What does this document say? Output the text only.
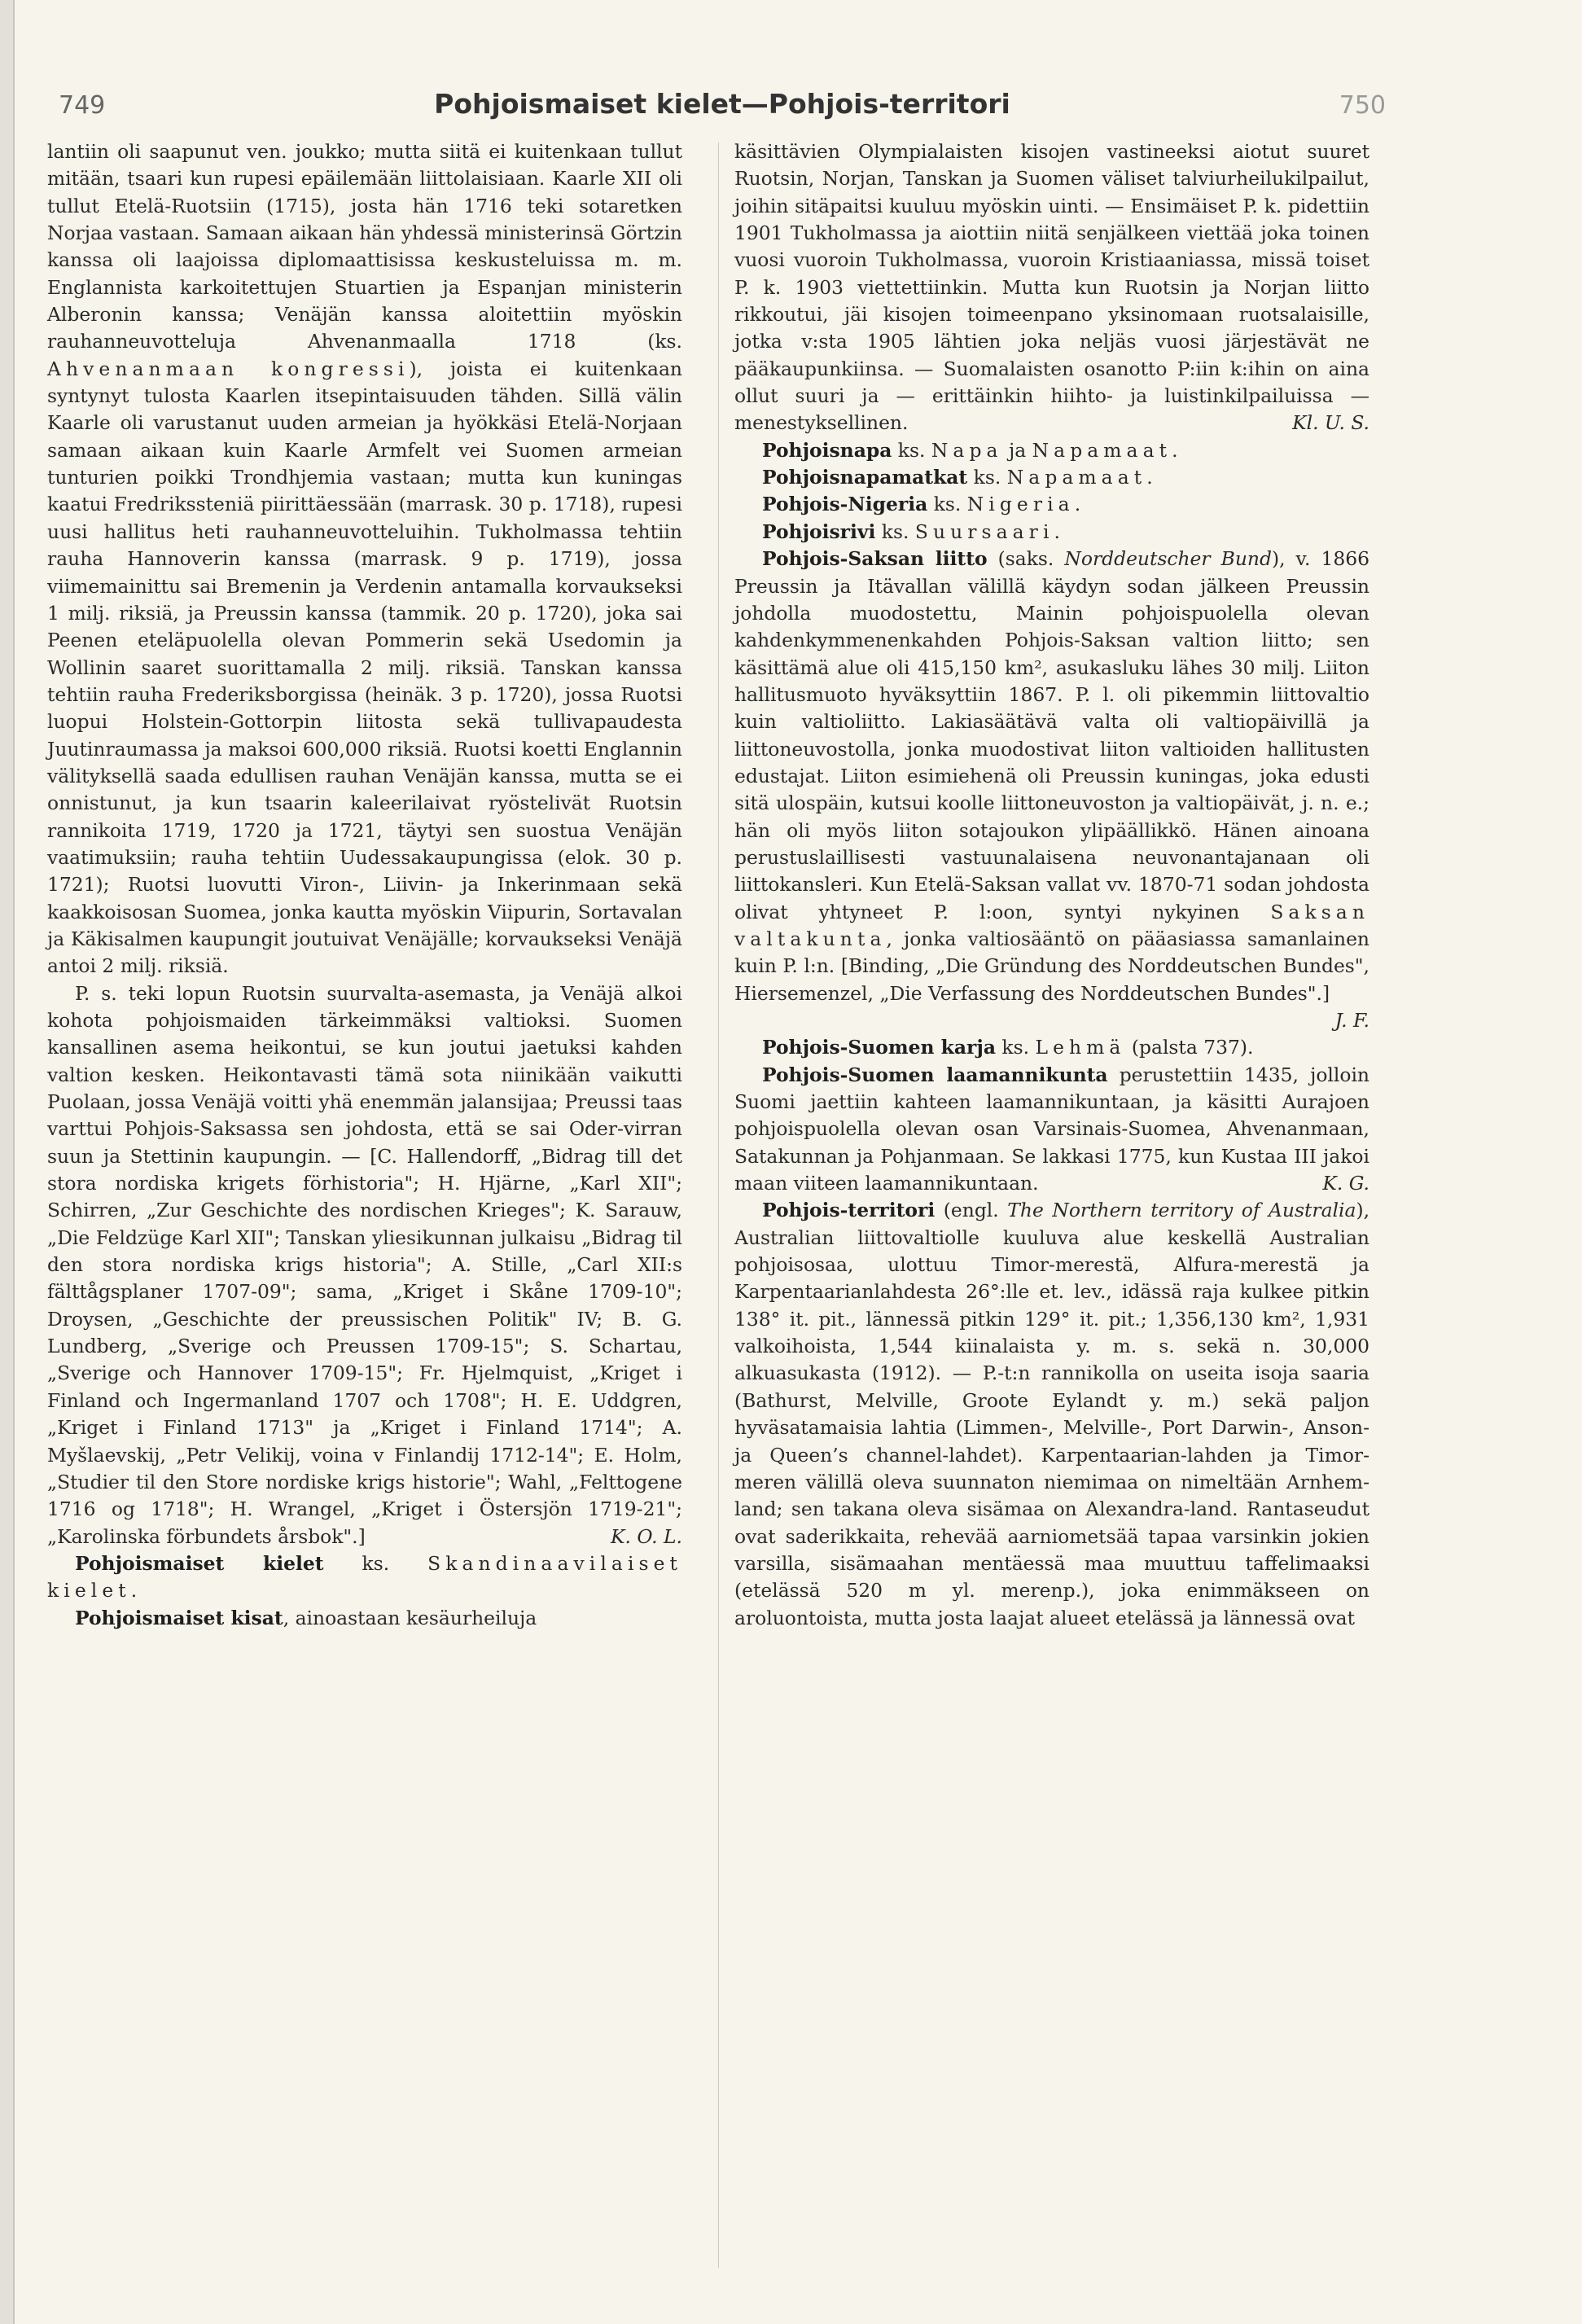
749	Pohjoismaiset kielet—Pohjois-territori	750
lantiin oli saapunut ven. joukko; mutta siitä ei kuitenkaan tullut mitään, tsaari kun rupesi epäilemään liittolaisiaan. Kaarle XII oli tullut Etelä-Ruotsiin (1715), josta hän 1716 teki sotaretken Norjaa vastaan. Samaan aikaan hän yhdessä ministerinsä Görtzin kanssa oli laajoissa diplomaattisissa keskusteluissa m. m. Englannista karkoitettujen Stuartien ja Espanjan ministerin Alberonin kanssa; Venäjän kanssa aloitettiin myöskin rauhanneuvotteluja Ahvenanmaalla 1718 (ks. Ahvenanmaan kongressi), joista ei kuitenkaan syntynyt tulosta Kaarlen itsepintaisuuden tähden. Sillä välin Kaarle oli varustanut uuden armeian ja hyökkäsi Etelä-Norjaan samaan aikaan kuin Kaarle Armfelt vei Suomen armeian tunturien poikki Trondhjemia vastaan; mutta kun kuningas kaatui Fredrikssteniä piirittäessään (marrask. 30 p. 1718), rupesi uusi hallitus heti rauhanneuvotteluihin. Tukholmassa tehtiin rauha Hannoverin kanssa (marrask. 9 p. 1719), jossa viimemainittu sai Bremenin ja Verdenin antamalla korvaukseksi 1 milj. riksiä, ja Preussin kanssa (tammik. 20 p. 1720), joka sai Peenen eteläpuolella olevan Pommerin sekä Usedomin ja Wollinin saaret suorittamalla 2 milj. riksiä. Tanskan kanssa tehtiin rauha Frederiksborgissa (heinäk. 3 p. 1720), jossa Ruotsi luopui Holstein-Gottorpin liitosta sekä tullivapaudesta Juutinraumassa ja maksoi 600,000 riksiä. Ruotsi koetti Englannin välityksellä saada edullisen rauhan Venäjän kanssa, mutta se ei onnistunut, ja kun tsaarin kaleerilaivat ryöstelivät Ruotsin rannikoita 1719, 1720 ja 1721, täytyi sen suostua Venäjän vaatimuksiin; rauha tehtiin Uudessakaupungissa (elok. 30 p. 1721); Ruotsi luovutti Viron-, Liivin- ja Inkerinmaan sekä kaakkoisosan Suomea, jonka kautta myöskin Viipurin, Sortavalan ja Käkisalmen kaupungit joutuivat Venäjälle; korvaukseksi Venäjä antoi 2 milj. riksiä.
P. s. teki lopun Ruotsin suurvalta-asemasta, ja Venäjä alkoi kohota pohjoismaiden tärkeimmäksi valtioksi. Suomen kansallinen asema heikontui, se kun joutui jaetuksi kahden valtion kesken. Heikontavasti tämä sota niinikään vaikutti Puolaan, jossa Venäjä voitti yhä enemmän jalansijaa; Preussi taas varttui Pohjois-Saksassa sen johdosta, että se sai Oder-virran suun ja Stettinin kaupungin. — [C. Hallendorff, „Bidrag till det stora nordiska krigets förhistoria"; H. Hjärne, „Karl XII"; Schirren, „Zur Geschichte des nordischen Krieges"; K. Sarauw, „Die Feldzüge Karl XII"; Tanskan yliesikunnan julkaisu „Bidrag til den stora nordiska krigs historia"; A. Stille, „Carl XII:s fälttågsplaner 1707-09"; sama, „Kriget i Skåne 1709-10"; Droysen, „Geschichte der preussischen Politik" IV; B. G. Lundberg, „Sverige och Preussen 1709-15"; S. Schartau, „Sverige och Hannover 1709-15"; Fr. Hjelmquist, „Kriget i Finland och Ingermanland 1707 och 1708"; H. E. Uddgren, „Kriget i Finland 1713" ja „Kriget i Finland 1714"; A. Myšlaevskij, „Petr Velikij, voina v Finlandij 1712-14"; E. Holm, „Studier til den Store nordiske krigs historie"; Wahl, „Felttogene 1716 og 1718"; H. Wrangel, „Kriget i Östersjön 1719-21"; „Karolinska förbundets årsbok".]	K. O. L.
Pohjoismaiset kielet ks. Skandinaavilaiset kielet.
Pohjoismaiset kisat, ainoastaan kesäurheiluja
käsittävien Olympialaisten kisojen vastineeksi aiotut suuret Ruotsin, Norjan, Tanskan ja Suomen väliset talviurheilukilpailut, joihin sitäpaitsi kuuluu myöskin uinti. — Ensimäiset P. k. pidettiin 1901 Tukholmassa ja aiottiin niitä senjälkeen viettää joka toinen vuosi vuoroin Tukholmassa, vuoroin Kristiaaniassa, missä toiset P. k. 1903 viettettiinkin. Mutta kun Ruotsin ja Norjan liitto rikkoutui, jäi kisojen toimeenpano yksinomaan ruotsalaisille, jotka v:sta 1905 lähtien joka neljäs vuosi järjestävät ne pääkaupunkiinsa. — Suomalaisten osanotto P:iin k:ihin on aina ollut suuri ja — erittäinkin hiihto- ja luistinkilpailuissa — menestyksellinen.	Kl. U. S.
Pohjoisnapa ks. Napa ja Napamaat.
Pohjoisnapamatkat ks. Napamaat.
Pohjois-Nigeria ks. Nigeria.
Pohjoisrivi ks. Suursaari.
Pohjois-Saksan liitto (saks. Norddeutscher Bund), v. 1866 Preussin ja Itävallan välillä käydyn sodan jälkeen Preussin johdolla muodostettu, Mainin pohjoispuolella olevan kahdenkymmenenkahden Pohjois-Saksan valtion liitto; sen käsittämä alue oli 415,150 km², asukasluku lähes 30 milj. Liiton hallitusmuoto hyväksyttiin 1867. P. l. oli pikemmin liittovaltio kuin valtioliitto. Lakiasäätävä valta oli valtiopäivillä ja liittoneuvostolla, jonka muodostivat liiton valtioiden hallitusten edustajat. Liiton esimiehenä oli Preussin kuningas, joka edusti sitä ulospäin, kutsui koolle liittoneuvoston ja valtiopäivät, j. n. e.; hän oli myös liiton sotajoukon ylipäällikkö. Hänen ainoana perustuslaillisesti vastuunalaisena neuvonantajanaan oli liittokansleri. Kun Etelä-Saksan vallat vv. 1870-71 sodan johdosta olivat yhtyneet P. l:oon, syntyi nykyinen Saksan valtakunta, jonka valtiosääntö on pääasiassa samanlainen kuin P. l:n. [Binding, „Die Gründung des Norddeutschen Bundes", Hiersemenzel, „Die Verfassung des Norddeutschen Bundes".]
J. F.
Pohjois-Suomen karja ks. Lehmä (palsta 737).
Pohjois-Suomen laamannikunta perustettiin 1435, jolloin Suomi jaettiin kahteen laamannikuntaan, ja käsitti Aurajoen pohjoispuolella olevan osan Varsinais-Suomea, Ahvenanmaan, Satakunnan ja Pohjanmaan. Se lakkasi 1775, kun Kustaa III jakoi maan viiteen laamannikuntaan.	K. G.
Pohjois-territori (engl. The Northern territory of Australia), Australian liittovaltiolle kuuluva alue keskellä Australian pohjoisosaa, ulottuu Timor-merestä, Alfura-merestä ja Karpentaarianlahdesta 26°:lle et. lev., idässä raja kulkee pitkin 138° it. pit., lännessä pitkin 129° it. pit.; 1,356,130 km², 1,931 valkoihoista, 1,544 kiinalaista y. m. s. sekä n. 30,000 alkuasukasta (1912). — P.-t:n rannikolla on useita isoja saaria (Bathurst, Melville, Groote Eylandt y. m.) sekä paljon hyväsatamaisia lahtia (Limmen-, Melville-, Port Darwin-, Anson- ja Queen’s channel-lahdet). Karpentaarian-lahden ja Timor-meren välillä oleva suunnaton niemimaa on nimeltään Arnhem-land; sen takana oleva sisämaa on Alexandra-land. Rantaseudut ovat saderikkaita, rehevää aarniometsää tapaa varsinkin jokien varsilla, sisämaahan mentäessä maa muuttuu taffelimaaksi (etelässä 520 m yl. merenp.), joka enimmäkseen on aroluontoista, mutta josta laajat alueet etelässä ja lännessä ovat
